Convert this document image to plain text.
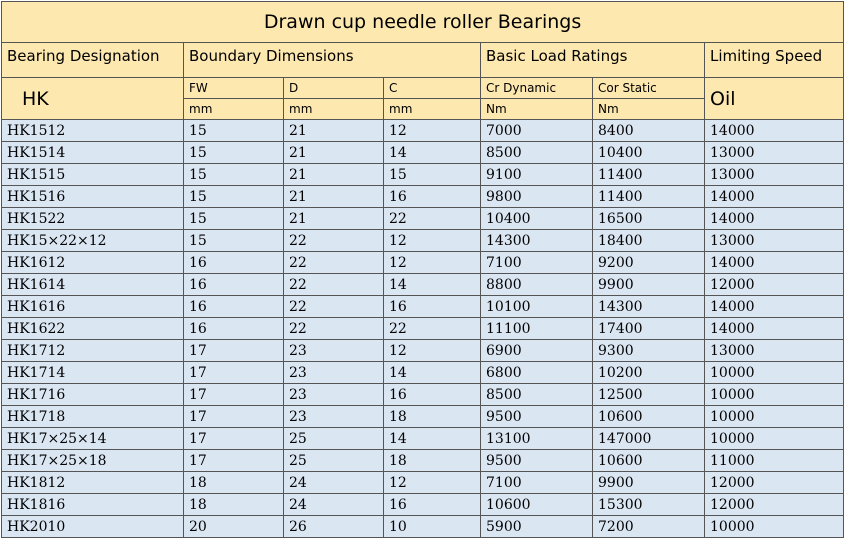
Drawn cup needle roller Bearings						
Bearing Designation	Boundary Dimensions			Basic Load Ratings		Limiting Speed
HK	FW	D	C	Cr Dynamic	Cor Static	Oil
	mm	mm	mm	Nm	Nm	
HK1512	15	21	12	7000	8400	14000
HK1514	15	21	14	8500	10400	13000
HK1515	15	21	15	9100	11400	13000
HK1516	15	21	16	9800	11400	14000
HK1522	15	21	22	10400	16500	14000
HK15×22×12	15	22	12	14300	18400	13000
HK1612	16	22	12	7100	9200	14000
HK1614	16	22	14	8800	9900	12000
HK1616	16	22	16	10100	14300	14000
HK1622	16	22	22	11100	17400	14000
HK1712	17	23	12	6900	9300	13000
HK1714	17	23	14	6800	10200	10000
HK1716	17	23	16	8500	12500	10000
HK1718	17	23	18	9500	10600	10000
HK17×25×14	17	25	14	13100	147000	10000
HK17×25×18	17	25	18	9500	10600	11000
HK1812	18	24	12	7100	9900	12000
HK1816	18	24	16	10600	15300	12000
HK2010	20	26	10	5900	7200	10000
